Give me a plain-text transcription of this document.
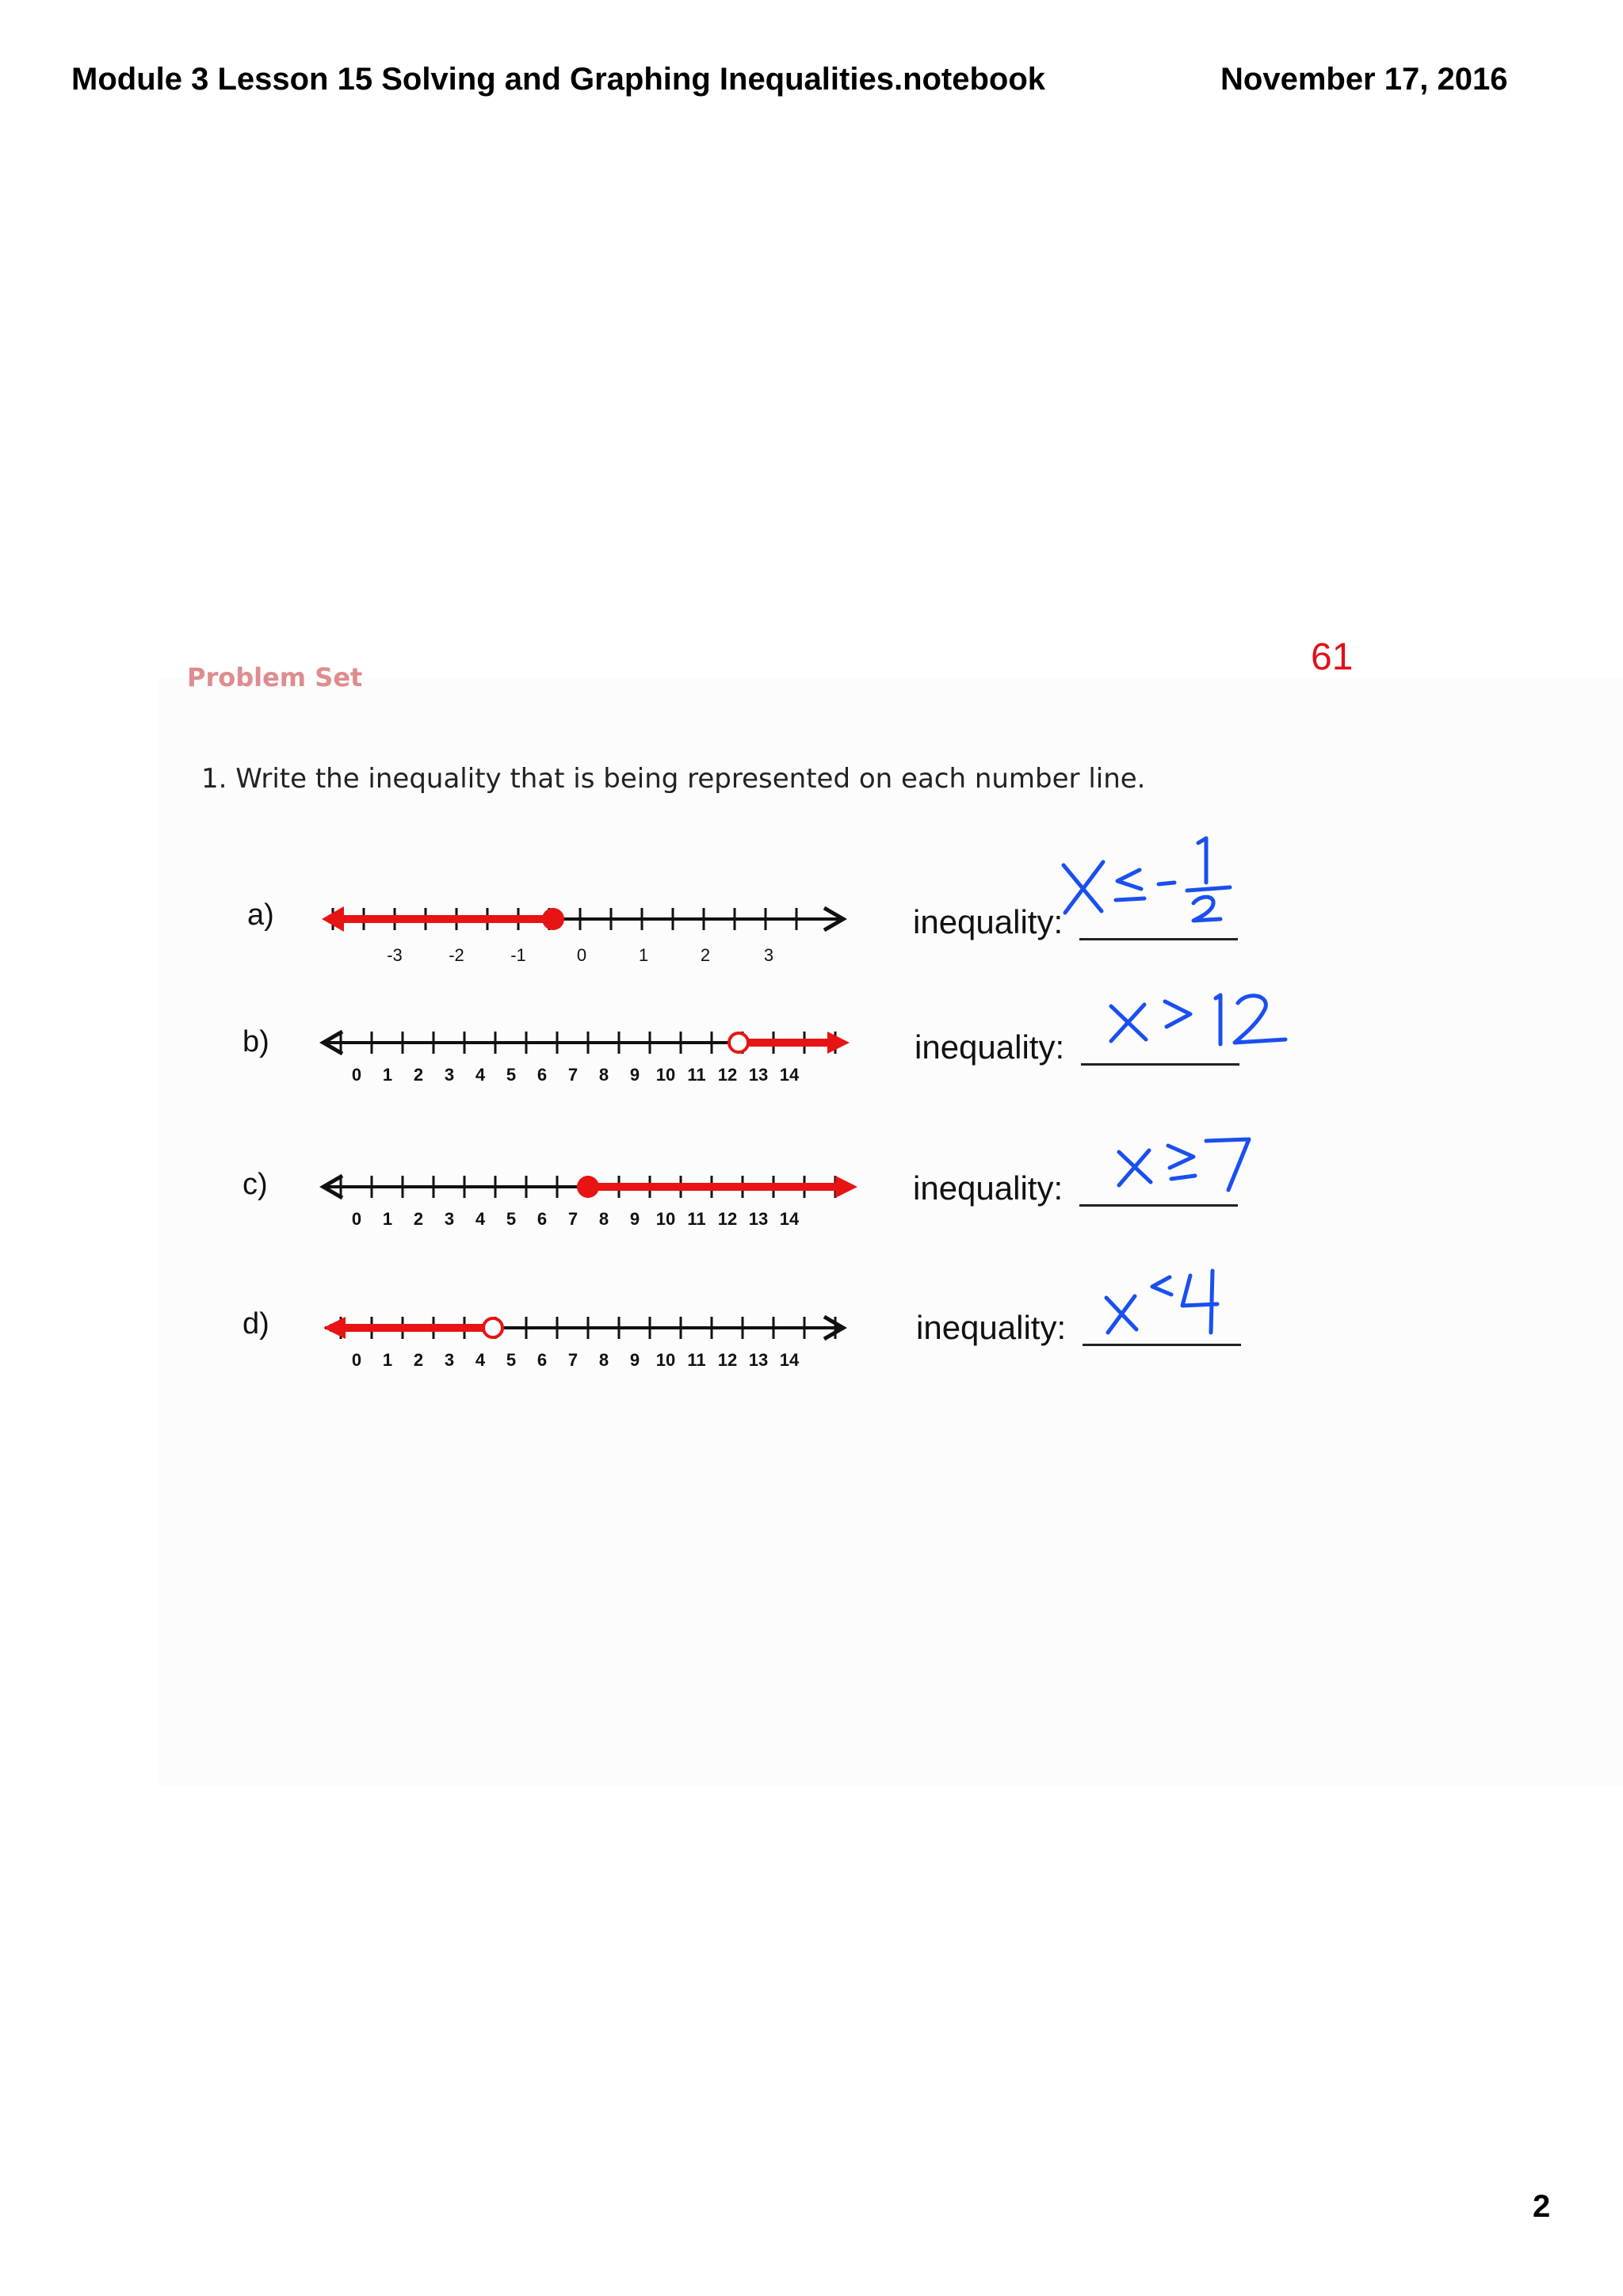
Module 3 Lesson 15 Solving and Graphing Inequalities.notebook	November 17, 2016
61
Problem Set
1. Write the inequality that is being represented on each number line.
a)
-3	-2	-1	0	1	2	3
inequality:
b)
0 1 2 3 4 5 6 7 8 9 10 11 12 13 14
inequality:
c)
0 1 2 3 4 5 6 7 8 9 10 11 12 13 14
inequality:
d)
0 1 2 3 4 5 6 7 8 9 10 11 12 13 14
inequality:
2
